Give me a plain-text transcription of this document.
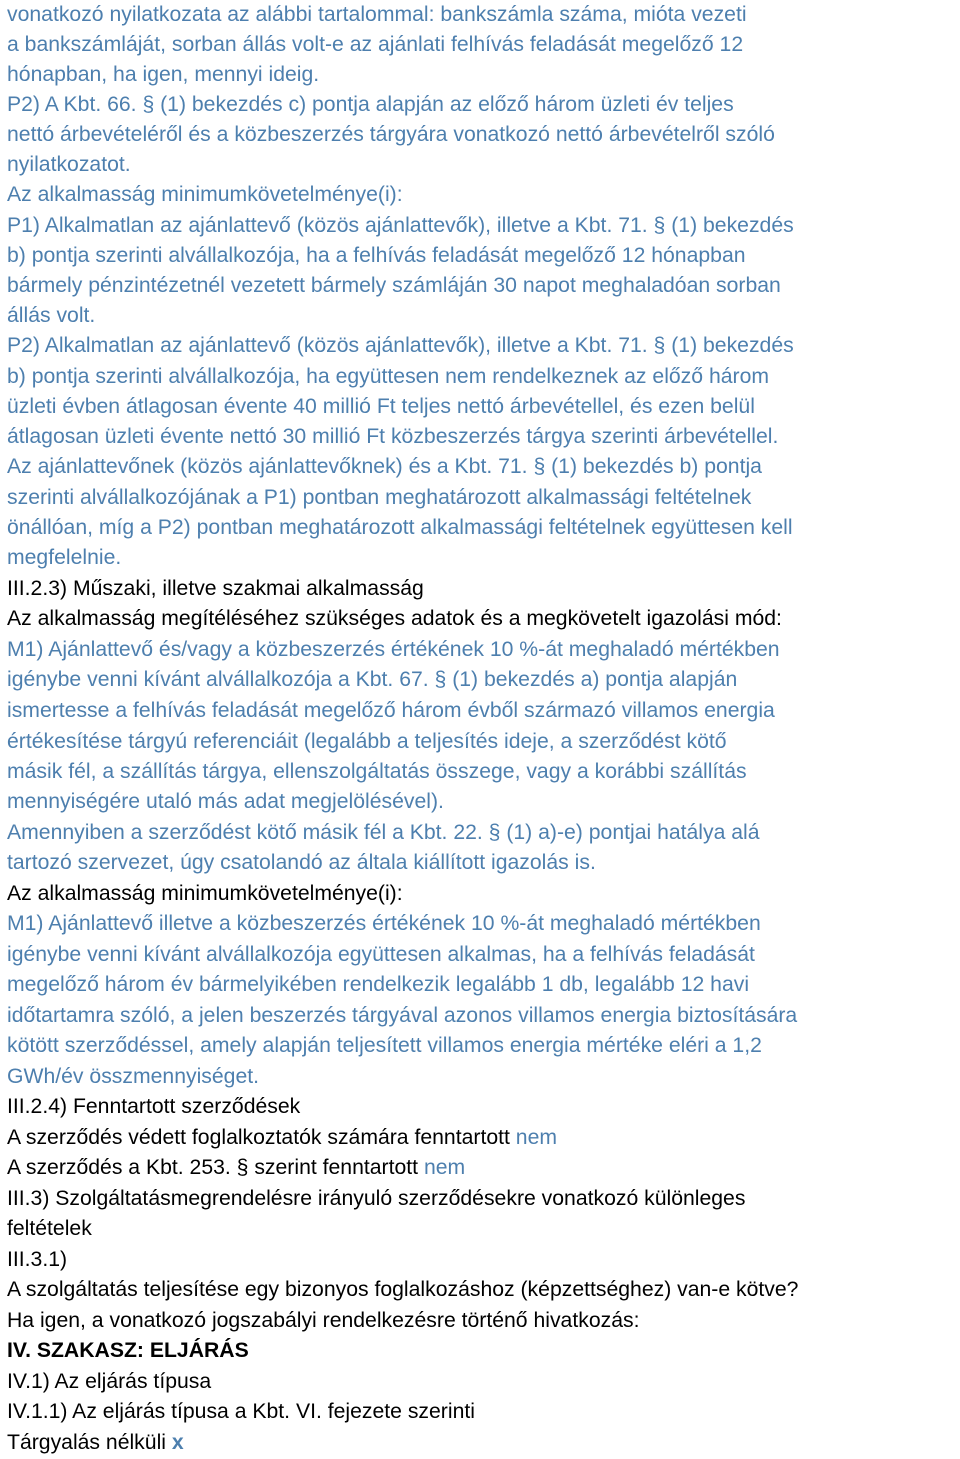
vonatkozó nyilatkozata az alábbi tartalommal: bankszámla száma, mióta vezeti
a bankszámláját, sorban állás volt-e az ajánlati felhívás feladását megelőző 12
hónapban, ha igen, mennyi ideig.
P2) A Kbt. 66. § (1) bekezdés c) pontja alapján az előző három üzleti év teljes
nettó árbevételéről és a közbeszerzés tárgyára vonatkozó nettó árbevételről szóló
nyilatkozatot.
Az alkalmasság minimumkövetelménye(i):
P1) Alkalmatlan az ajánlattevő (közös ajánlattevők), illetve a Kbt. 71. § (1) bekezdés
b) pontja szerinti alvállalkozója, ha a felhívás feladását megelőző 12 hónapban
bármely pénzintézetnél vezetett bármely számláján 30 napot meghaladóan sorban
állás volt.
P2) Alkalmatlan az ajánlattevő (közös ajánlattevők), illetve a Kbt. 71. § (1) bekezdés
b) pontja szerinti alvállalkozója, ha együttesen nem rendelkeznek az előző három
üzleti évben átlagosan évente 40 millió Ft teljes nettó árbevétellel, és ezen belül
átlagosan üzleti évente nettó 30 millió Ft közbeszerzés tárgya szerinti árbevétellel.
Az ajánlattevőnek (közös ajánlattevőknek) és a Kbt. 71. § (1) bekezdés b) pontja
szerinti alvállalkozójának a P1) pontban meghatározott alkalmassági feltételnek
önállóan, míg a P2) pontban meghatározott alkalmassági feltételnek együttesen kell
megfelelnie.
III.2.3) Műszaki, illetve szakmai alkalmasság
Az alkalmasság megítéléséhez szükséges adatok és a megkövetelt igazolási mód:
M1) Ajánlattevő és/vagy a közbeszerzés értékének 10 %-át meghaladó mértékben
igénybe venni kívánt alvállalkozója a Kbt. 67. § (1) bekezdés a) pontja alapján
ismertesse a felhívás feladását megelőző három évből származó villamos energia
értékesítése tárgyú referenciáit (legalább a teljesítés ideje, a szerződést kötő
másik fél, a szállítás tárgya, ellenszolgáltatás összege, vagy a korábbi szállítás
mennyiségére utaló más adat megjelölésével).
Amennyiben a szerződést kötő másik fél a Kbt. 22. § (1) a)-e) pontjai hatálya alá
tartozó szervezet, úgy csatolandó az általa kiállított igazolás is.
Az alkalmasság minimumkövetelménye(i):
M1) Ajánlattevő illetve a közbeszerzés értékének 10 %-át meghaladó mértékben
igénybe venni kívánt alvállalkozója együttesen alkalmas, ha a felhívás feladását
megelőző három év bármelyikében rendelkezik legalább 1 db, legalább 12 havi
időtartamra szóló, a jelen beszerzés tárgyával azonos villamos energia biztosítására
kötött szerződéssel, amely alapján teljesített villamos energia mértéke eléri a 1,2
GWh/év összmennyiséget.
III.2.4) Fenntartott szerződések
A szerződés védett foglalkoztatók számára fenntartott nem
A szerződés a Kbt. 253. § szerint fenntartott nem
III.3) Szolgáltatásmegrendelésre irányuló szerződésekre vonatkozó különleges
feltételek
III.3.1)
A szolgáltatás teljesítése egy bizonyos foglalkozáshoz (képzettséghez) van-e kötve?
Ha igen, a vonatkozó jogszabályi rendelkezésre történő hivatkozás:
IV. SZAKASZ: ELJÁRÁS
IV.1) Az eljárás típusa
IV.1.1) Az eljárás típusa a Kbt. VI. fejezete szerinti
Tárgyalás nélküli x
